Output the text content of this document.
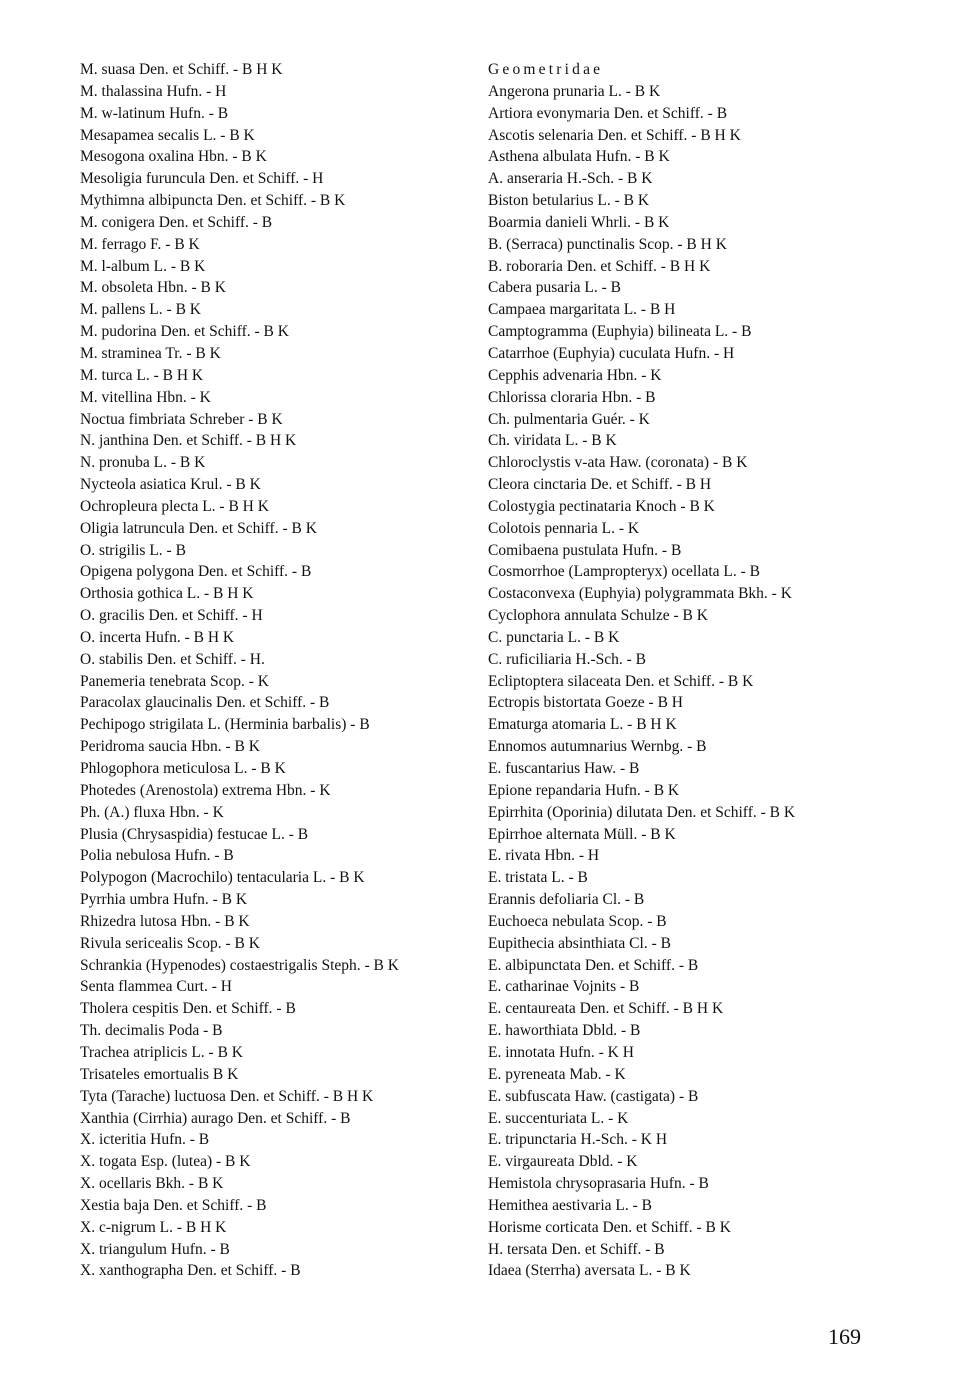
M. suasa Den. et Schiff. - B H K
M. thalassina Hufn. - H
M. w-latinum Hufn. - B
Mesapamea secalis L. - B K
Mesogona oxalina Hbn. - B K
Mesoligia furuncula Den. et Schiff. - H
Mythimna albipuncta Den. et Schiff. - B K
M. conigera Den. et Schiff. - B
M. ferrago F. - B K
M. l-album L. - B K
M. obsoleta Hbn. - B K
M. pallens L. - B K
M. pudorina Den. et Schiff. - B K
M. straminea Tr. - B K
M. turca L. - B H K
M. vitellina Hbn. - K
Noctua fimbriata Schreber - B K
N. janthina Den. et Schiff. - B H K
N. pronuba L. - B K
Nycteola asiatica Krul. - B K
Ochropleura plecta L. - B H K
Oligia latruncula Den. et Schiff. - B K
O. strigilis L. - B
Opigena polygona Den. et Schiff. - B
Orthosia gothica L. - B H K
O. gracilis Den. et Schiff. - H
O. incerta Hufn. - B H K
O. stabilis Den. et Schiff. - H.
Panemeria tenebrata Scop. - K
Paracolax glaucinalis Den. et Schiff. - B
Pechipogo strigilata L. (Herminia barbalis) - B
Peridroma saucia Hbn. - B K
Phlogophora meticulosa L. - B K
Photedes (Arenostola) extrema Hbn. - K
Ph. (A.) fluxa Hbn. - K
Plusia (Chrysaspidia) festucae L. - B
Polia nebulosa Hufn. - B
Polypogon (Macrochilo) tentacularia L. - B K
Pyrrhia umbra Hufn. - B K
Rhizedra lutosa Hbn. - B K
Rivula sericealis Scop. - B K
Schrankia (Hypenodes) costaestrigalis Steph. - B K
Senta flammea Curt. - H
Tholera cespitis Den. et Schiff. - B
Th. decimalis Poda - B
Trachea atriplicis L. - B K
Trisateles emortualis B K
Tyta (Tarache) luctuosa Den. et Schiff. - B H K
Xanthia (Cirrhia) aurago Den. et Schiff. - B
X. icteritia Hufn. - B
X. togata Esp. (lutea) - B K
X. ocellaris Bkh. - B K
Xestia baja Den. et Schiff. - B
X. c-nigrum L. - B H K
X. triangulum Hufn. - B
X. xanthographa Den. et Schiff. - B
Geometridae
Angerona prunaria L. - B K
Artiora evonymaria Den. et Schiff. - B
Ascotis selenaria Den. et Schiff. - B H K
Asthena albulata Hufn. - B K
A. anseraria H.-Sch. - B K
Biston betularius L. - B K
Boarmia danieli Whrli. - B K
B. (Serraca) punctinalis Scop. - B H K
B. roboraria Den. et Schiff. - B H K
Cabera pusaria L. - B
Campaea margaritata L. - B H
Camptogramma (Euphyia) bilineata L. - B
Catarrhoe (Euphyia) cuculata Hufn. - H
Cepphis advenaria Hbn. - K
Chlorissa cloraria Hbn. - B
Ch. pulmentaria Guér. - K
Ch. viridata L. - B K
Chloroclystis v-ata Haw. (coronata) - B K
Cleora cinctaria De. et Schiff. - B H
Colostygia pectinataria Knoch - B K
Colotois pennaria L. - K
Comibaena pustulata Hufn. - B
Cosmorrhoe (Lampropteryx) ocellata L. - B
Costaconvexa (Euphyia) polygrammata Bkh. - K
Cyclophora annulata Schulze - B K
C. punctaria L. - B K
C. ruficiliaria H.-Sch. - B
Ecliptopterа silaceata Den. et Schiff. - B K
Ectropis bistortata Goeze - B H
Ematurga atomaria L. - B H K
Ennomos autumnarius Wernbg. - B
E. fuscantarius Haw. - B
Epione repandaria Hufn. - B K
Epirrhita (Oporinia) dilutata Den. et Schiff. - B K
Epirrhoe alternata Müll. - B K
E. rivata Hbn. - H
E. tristata L. - B
Erannis defoliaria Cl. - B
Euchoeca nebulata Scop. - B
Eupithecia absinthiata Cl. - B
E. albipunctata Den. et Schiff. - B
E. catharinae Vojnits - B
E. centaureata Den. et Schiff. - B H K
E. haworthiata Dbld. - B
E. innotata Hufn. - K H
E. pyreneata Mab. - K
E. subfuscata Haw. (castigata) - B
E. succenturiata L. - K
E. tripunctaria H.-Sch. - K H
E. virgaureata Dbld. - K
Hemistola chrysoprasaria Hufn. - B
Hemithea aestivaria L. - B
Horisme corticata Den. et Schiff. - B K
H. tersata Den. et Schiff. - B
Idaea (Sterrha) aversata L. - B K
169
